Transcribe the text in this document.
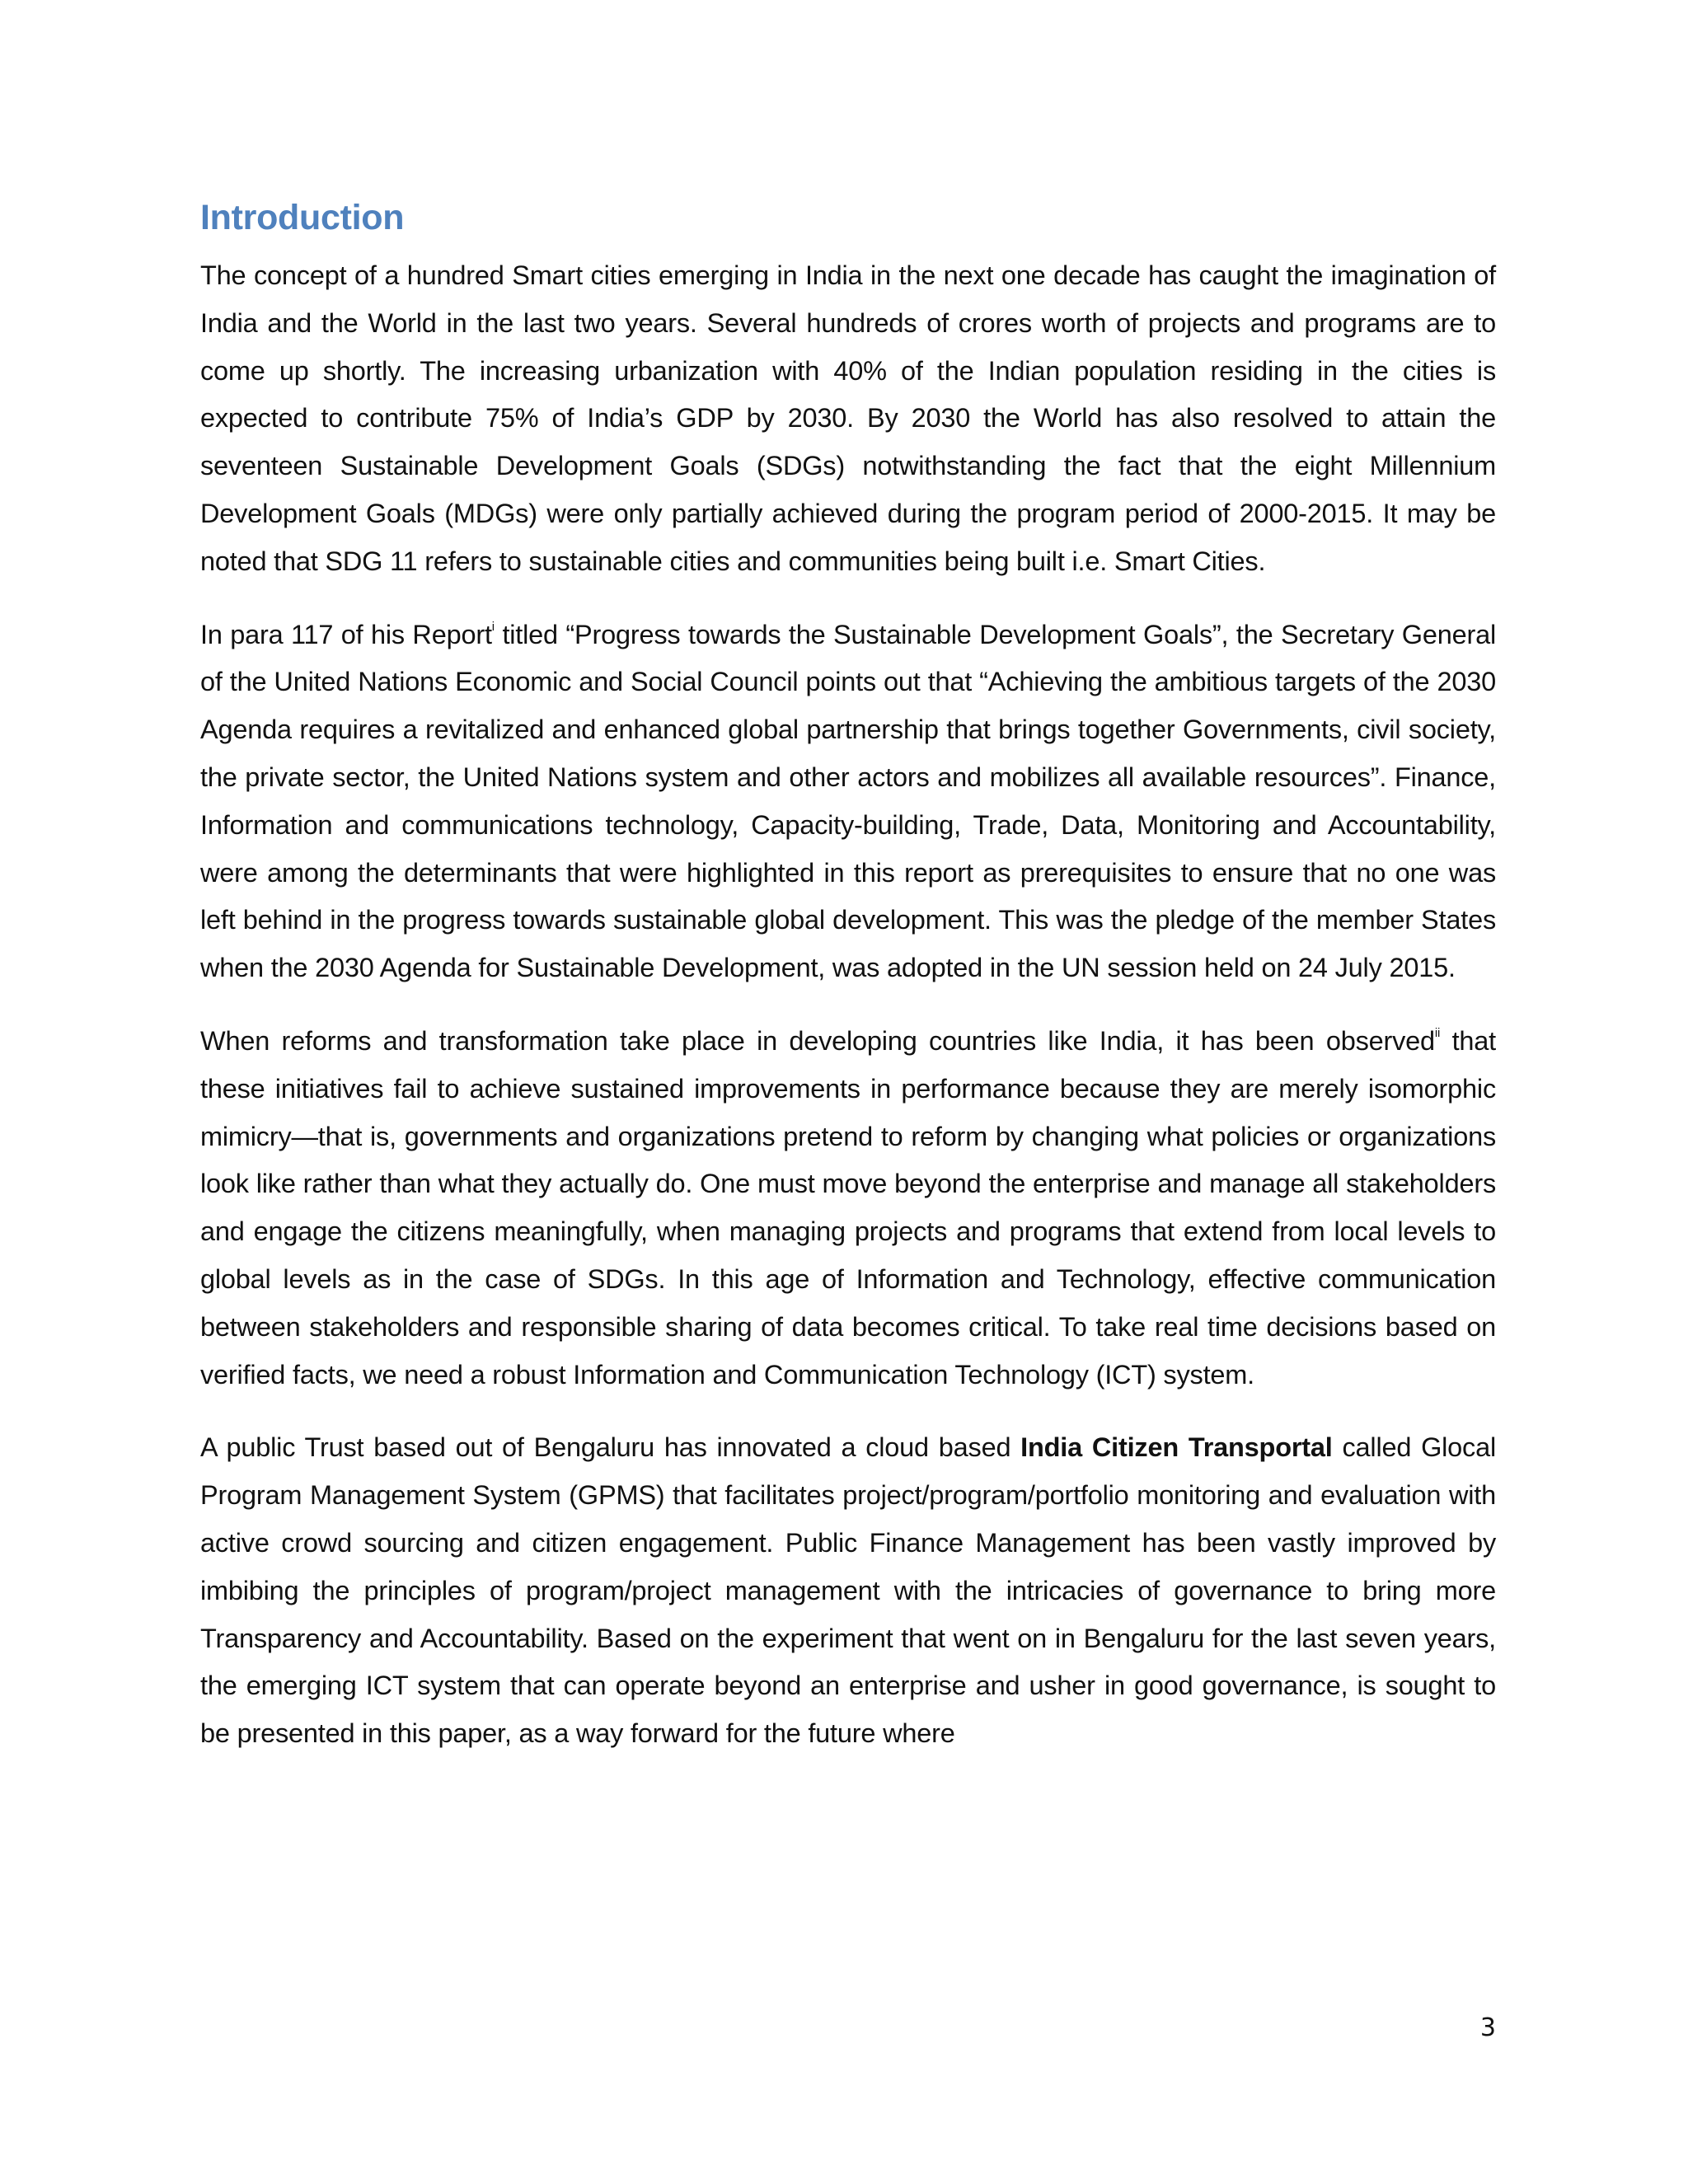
Introduction

The concept of a hundred Smart cities emerging in India in the next one decade has caught the imagination of India and the World in the last two years. Several hundreds of crores worth of projects and programs are to come up shortly. The increasing urbanization with 40% of the Indian population residing in the cities is expected to contribute 75% of India’s GDP by 2030. By 2030 the World has also resolved to attain the seventeen Sustainable Development Goals (SDGs) notwithstanding the fact that the eight Millennium Development Goals (MDGs) were only partially achieved during the program period of 2000-2015. It may be noted that SDG 11 refers to sustainable cities and communities being built i.e. Smart Cities.

In para 117 of his Report$^i$ titled “Progress towards the Sustainable Development Goals”, the Secretary General of the United Nations Economic and Social Council points out that “Achieving the ambitious targets of the 2030 Agenda requires a revitalized and enhanced global partnership that brings together Governments, civil society, the private sector, the United Nations system and other actors and mobilizes all available resources”. Finance, Information and communications technology, Capacity-building, Trade, Data, Monitoring and Accountability, were among the determinants that were highlighted in this report as prerequisites to ensure that no one was left behind in the progress towards sustainable global development. This was the pledge of the member States when the 2030 Agenda for Sustainable Development, was adopted in the UN session held on 24 July 2015.

When reforms and transformation take place in developing countries like India, it has been observed$^{ii}$ that these initiatives fail to achieve sustained improvements in performance because they are merely isomorphic mimicry—that is, governments and organizations pretend to reform by changing what policies or organizations look like rather than what they actually do. One must move beyond the enterprise and manage all stakeholders and engage the citizens meaningfully, when managing projects and programs that extend from local levels to global levels as in the case of SDGs. In this age of Information and Technology, effective communication between stakeholders and responsible sharing of data becomes critical. To take real time decisions based on verified facts, we need a robust Information and Communication Technology (ICT) system.

A public Trust based out of Bengaluru has innovated a cloud based India Citizen Transportal called Glocal Program Management System (GPMS) that facilitates project/program/portfolio monitoring and evaluation with active crowd sourcing and citizen engagement. Public Finance Management has been vastly improved by imbibing the principles of program/project management with the intricacies of governance to bring more Transparency and Accountability. Based on the experiment that went on in Bengaluru for the last seven years, the emerging ICT system that can operate beyond an enterprise and usher in good governance, is sought to be presented in this paper, as a way forward for the future where

3
